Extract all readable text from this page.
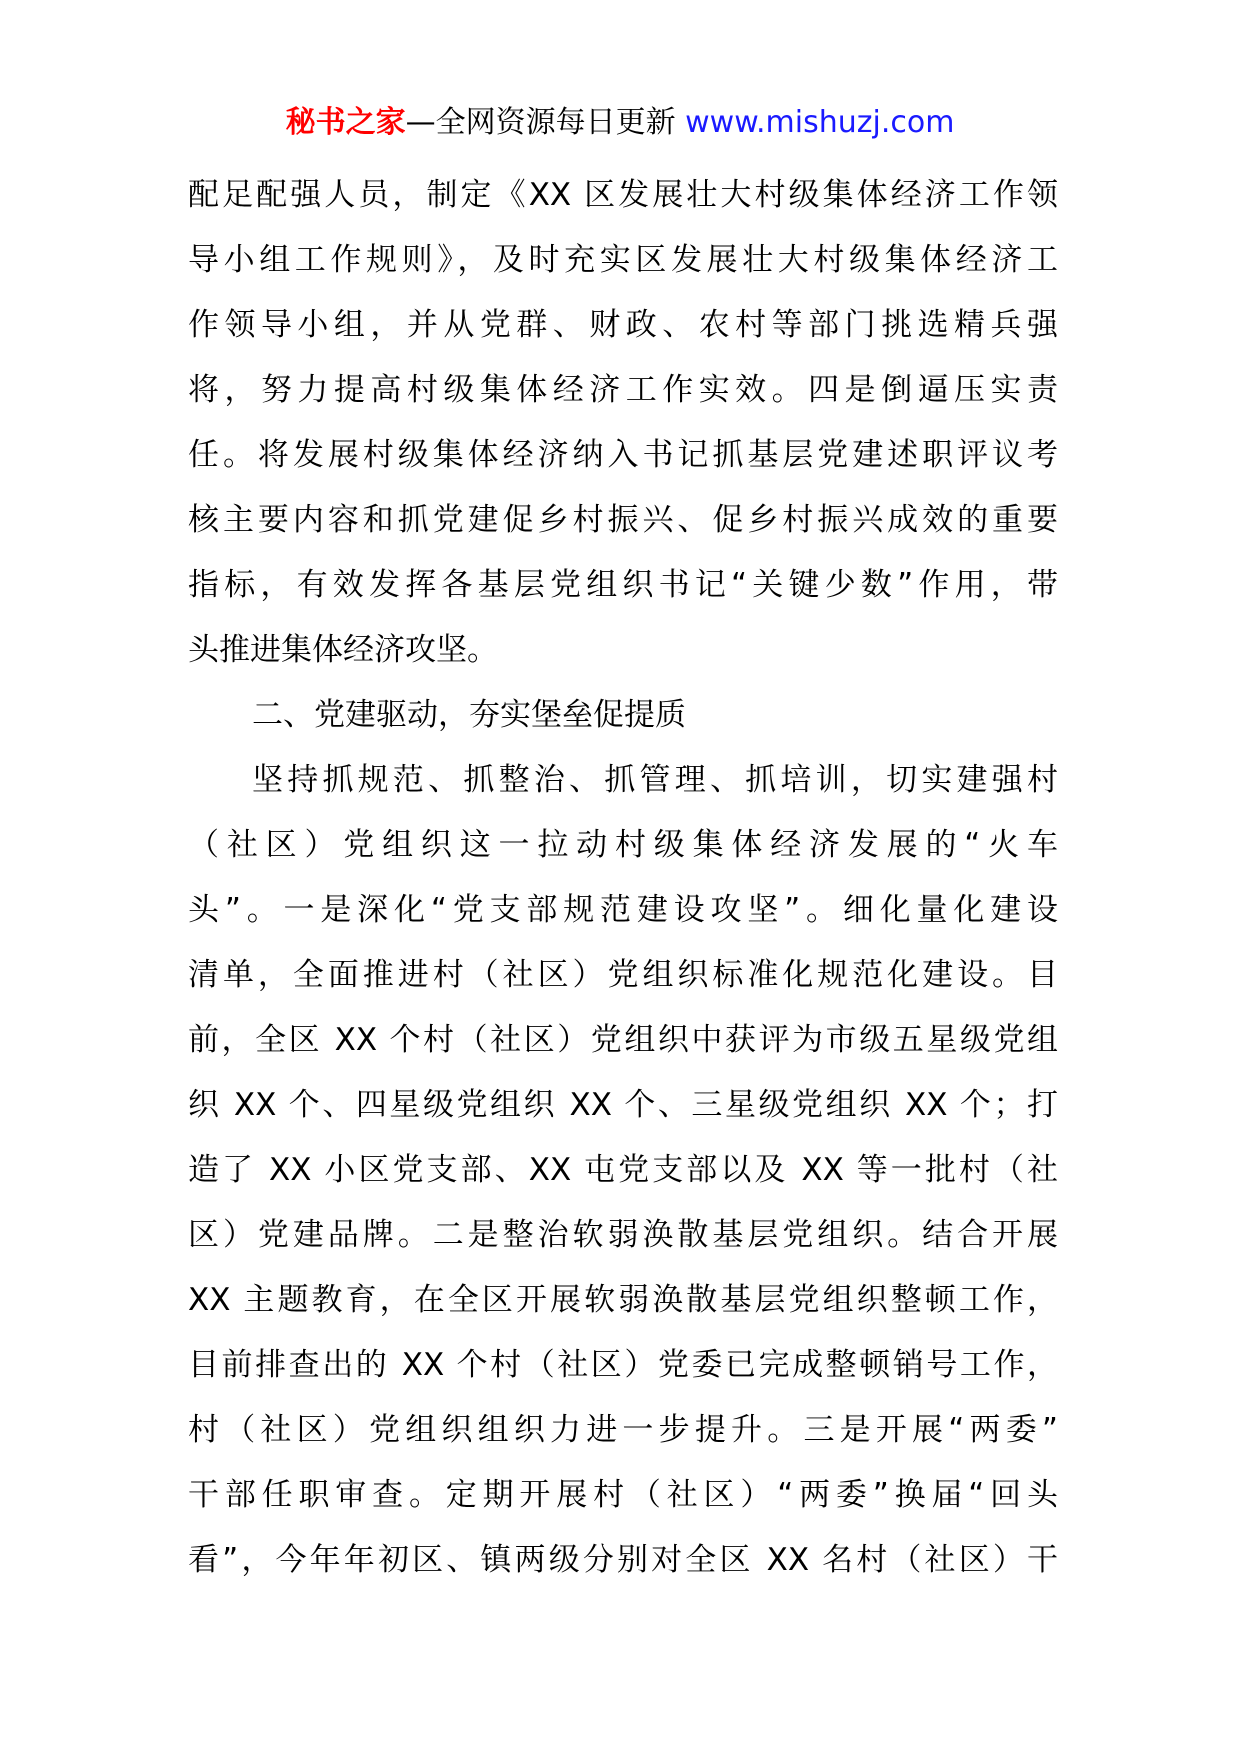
秘书之家—全网资源每日更新 www.mishuzj.com
配足配强人员，制定《XX 区发展壮大村级集体经济工作领
导小组工作规则》，及时充实区发展壮大村级集体经济工
作领导小组，并从党群、财政、农村等部门挑选精兵强
将，努力提高村级集体经济工作实效。四是倒逼压实责
任。将发展村级集体经济纳入书记抓基层党建述职评议考
核主要内容和抓党建促乡村振兴、促乡村振兴成效的重要
指标，有效发挥各基层党组织书记“关键少数”作用，带
头推进集体经济攻坚。
二、党建驱动，夯实堡垒促提质
坚持抓规范、抓整治、抓管理、抓培训，切实建强村
（社区）党组织这一拉动村级集体经济发展的“火车
头”。一是深化“党支部规范建设攻坚”。细化量化建设
清单，全面推进村（社区）党组织标准化规范化建设。目
前，全区 XX 个村（社区）党组织中获评为市级五星级党组
织 XX 个、四星级党组织 XX 个、三星级党组织 XX 个；打
造了 XX 小区党支部、XX 屯党支部以及 XX 等一批村（社
区）党建品牌。二是整治软弱涣散基层党组织。结合开展
XX 主题教育，在全区开展软弱涣散基层党组织整顿工作，
目前排查出的 XX 个村（社区）党委已完成整顿销号工作，
村（社区）党组织组织力进一步提升。三是开展“两委”
干部任职审查。定期开展村（社区）“两委”换届“回头
看”，今年年初区、镇两级分别对全区 XX 名村（社区）干
